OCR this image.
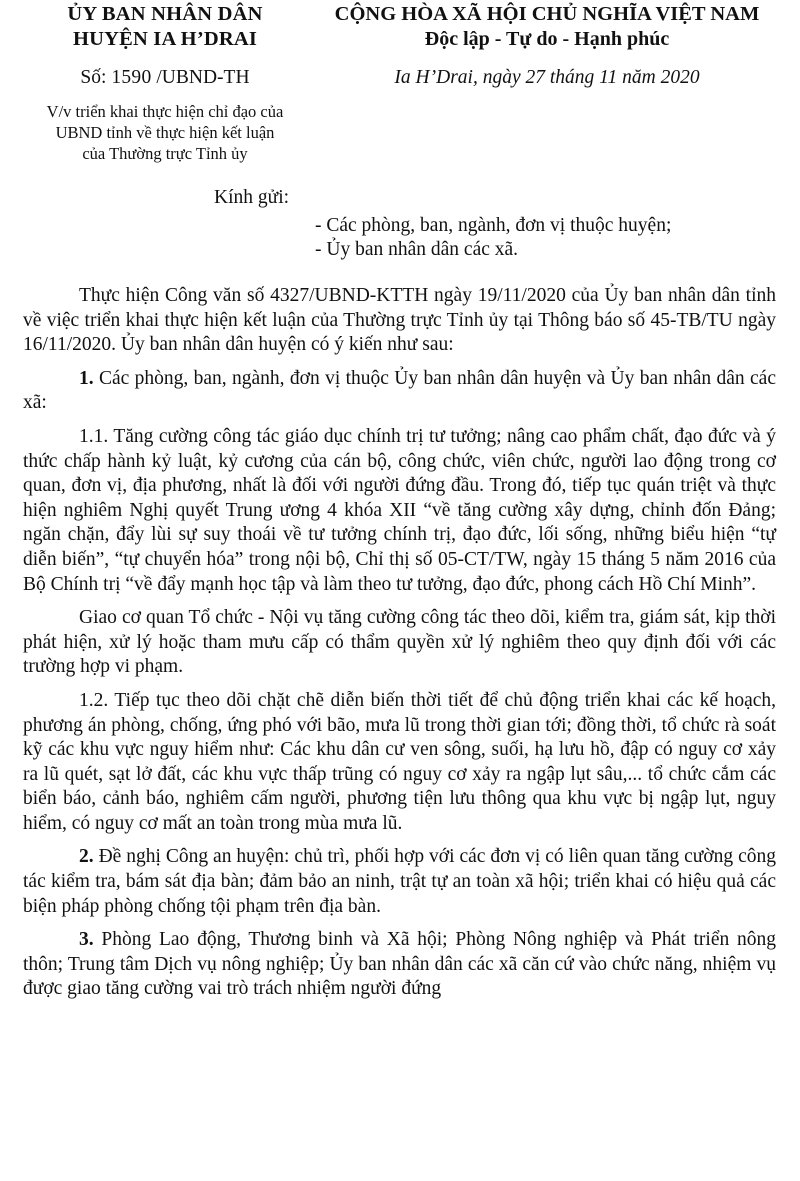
ỦY BAN NHÂN DÂN
HUYỆN IA H’DRAI
Số: 1590 /UBND-TH
V/v triển khai thực hiện chỉ đạo của
UBND tỉnh về thực hiện kết luận
của Thường trực Tỉnh ủy
CỘNG HÒA XÃ HỘI CHỦ NGHĨA VIỆT NAM
Độc lập - Tự do - Hạnh phúc
Ia H’Drai, ngày 27 tháng 11 năm 2020
Kính gửi:
- Các phòng, ban, ngành, đơn vị thuộc huyện;
- Ủy ban nhân dân các xã.

Thực hiện Công văn số 4327/UBND-KTTH ngày 19/11/2020 của Ủy ban nhân dân tỉnh về việc triển khai thực hiện kết luận của Thường trực Tỉnh ủy tại Thông báo số 45-TB/TU ngày 16/11/2020. Ủy ban nhân dân huyện có ý kiến như sau:

1. Các phòng, ban, ngành, đơn vị thuộc Ủy ban nhân dân huyện và Ủy ban nhân dân các xã:

1.1. Tăng cường công tác giáo dục chính trị tư tưởng; nâng cao phẩm chất, đạo đức và ý thức chấp hành kỷ luật, kỷ cương của cán bộ, công chức, viên chức, người lao động trong cơ quan, đơn vị, địa phương, nhất là đối với người đứng đầu. Trong đó, tiếp tục quán triệt và thực hiện nghiêm Nghị quyết Trung ương 4 khóa XII “về tăng cường xây dựng, chỉnh đốn Đảng; ngăn chặn, đẩy lùi sự suy thoái về tư tưởng chính trị, đạo đức, lối sống, những biểu hiện “tự diễn biến”, “tự chuyển hóa” trong nội bộ, Chỉ thị số 05-CT/TW, ngày 15 tháng 5 năm 2016 của Bộ Chính trị “về đẩy mạnh học tập và làm theo tư tưởng, đạo đức, phong cách Hồ Chí Minh”.

Giao cơ quan Tổ chức - Nội vụ tăng cường công tác theo dõi, kiểm tra, giám sát, kịp thời phát hiện, xử lý hoặc tham mưu cấp có thẩm quyền xử lý nghiêm theo quy định đối với các trường hợp vi phạm.

1.2. Tiếp tục theo dõi chặt chẽ diễn biến thời tiết để chủ động triển khai các kế hoạch, phương án phòng, chống, ứng phó với bão, mưa lũ trong thời gian tới; đồng thời, tổ chức rà soát kỹ các khu vực nguy hiểm như: Các khu dân cư ven sông, suối, hạ lưu hồ, đập có nguy cơ xảy ra lũ quét, sạt lở đất, các khu vực thấp trũng có nguy cơ xảy ra ngập lụt sâu,... tổ chức cắm các biển báo, cảnh báo, nghiêm cấm người, phương tiện lưu thông qua khu vực bị ngập lụt, nguy hiểm, có nguy cơ mất an toàn trong mùa mưa lũ.

2. Đề nghị Công an huyện: chủ trì, phối hợp với các đơn vị có liên quan tăng cường công tác kiểm tra, bám sát địa bàn; đảm bảo an ninh, trật tự an toàn xã hội; triển khai có hiệu quả các biện pháp phòng chống tội phạm trên địa bàn.

3. Phòng Lao động, Thương binh và Xã hội; Phòng Nông nghiệp và Phát triển nông thôn; Trung tâm Dịch vụ nông nghiệp; Ủy ban nhân dân các xã căn cứ vào chức năng, nhiệm vụ được giao tăng cường vai trò trách nhiệm người đứng
